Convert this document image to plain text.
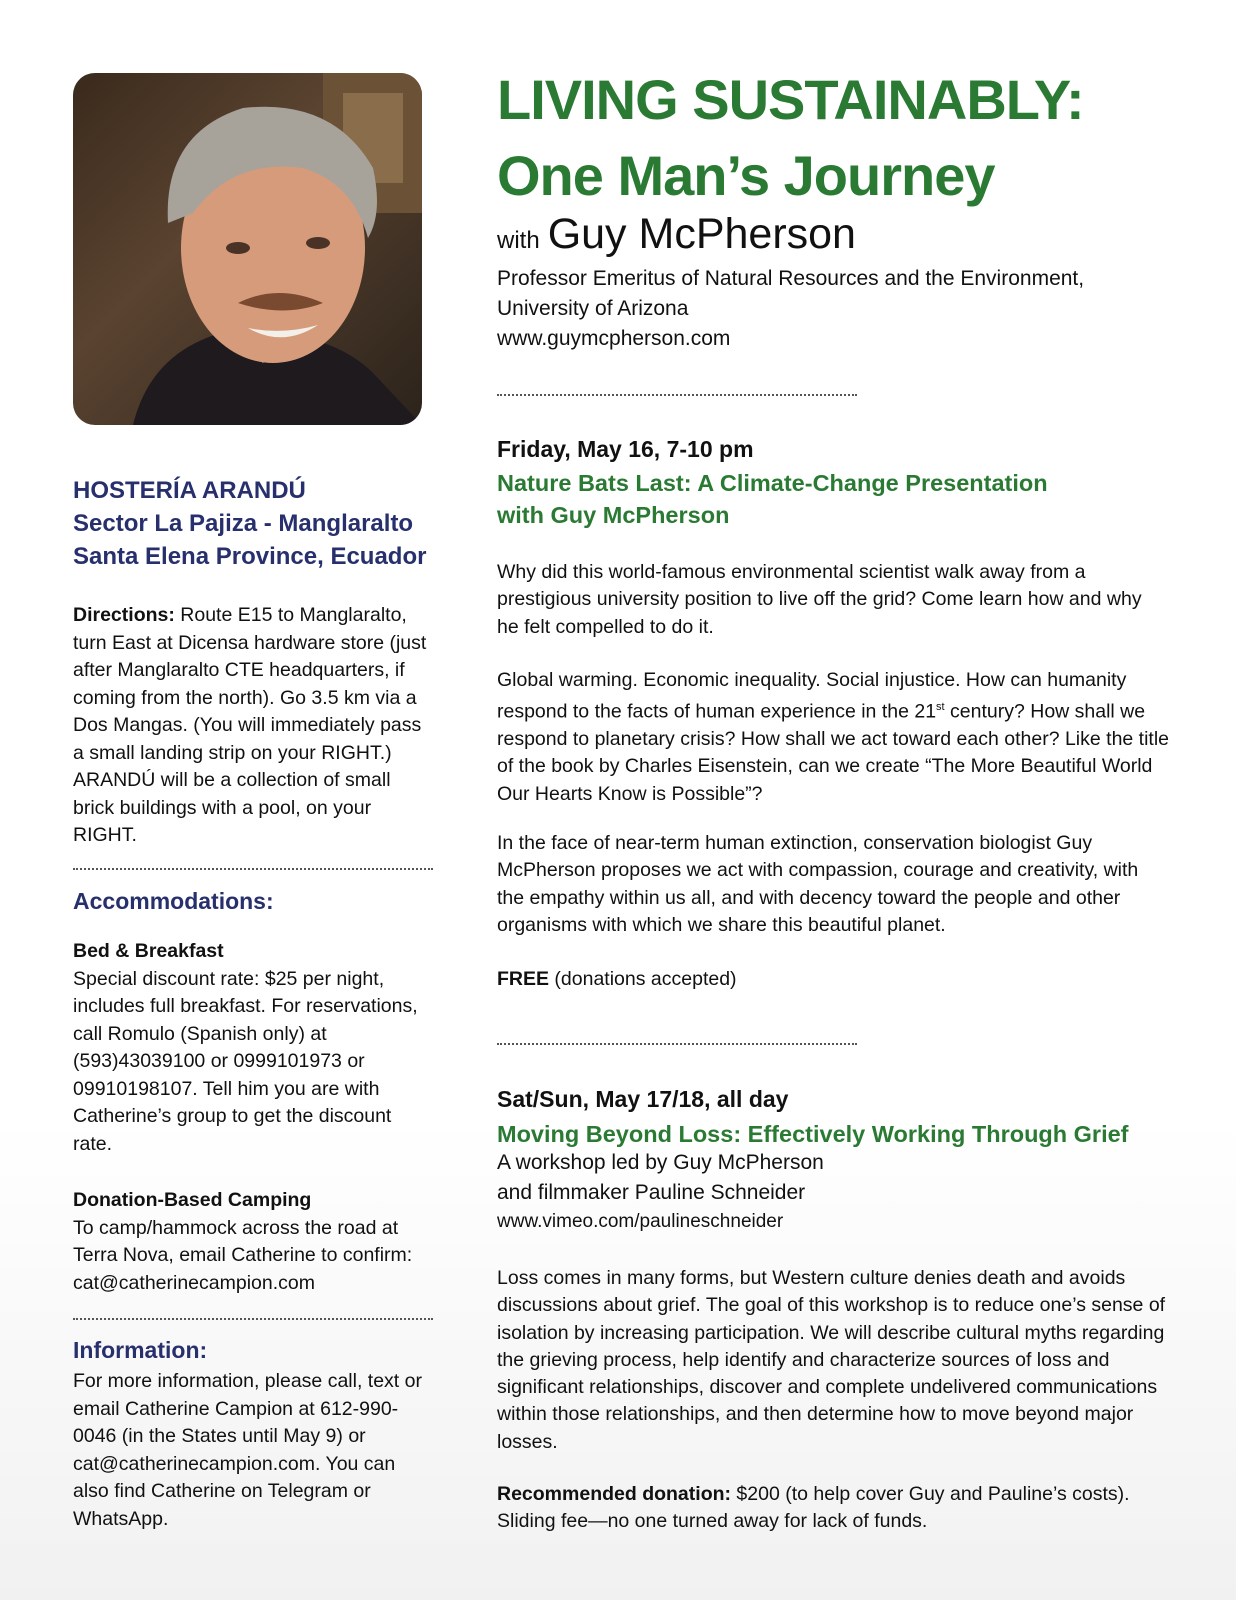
HOSTERÍA ARANDÚ
Sector La Pajiza - Manglaralto
Santa Elena Province, Ecuador
Directions: Route E15 to Manglaralto, turn East at Dicensa hardware store (just after Manglaralto CTE headquarters, if coming from the north). Go 3.5 km via a Dos Mangas. (You will immediately pass a small landing strip on your RIGHT.) ARANDÚ will be a collection of small brick buildings with a pool, on your RIGHT.
Accommodations:
Bed & Breakfast
Special discount rate: $25 per night, includes full breakfast. For reservations, call Romulo (Spanish only) at (593)43039100 or 0999101973 or 09910198107. Tell him you are with Catherine’s group to get the discount rate.
Donation-Based Camping
To camp/hammock across the road at Terra Nova, email Catherine to confirm: cat@catherinecampion.com
Information:
For more information, please call, text or email Catherine Campion at 612-990-0046 (in the States until May 9) or cat@catherinecampion.com. You can also find Catherine on Telegram or WhatsApp.
LIVING SUSTAINABLY:
One Man’s Journey
with Guy McPherson
Professor Emeritus of Natural Resources and the Environment,
University of Arizona
www.guymcpherson.com
Friday, May 16, 7-10 pm
Nature Bats Last: A Climate-Change Presentation
with Guy McPherson
Why did this world-famous environmental scientist walk away from a prestigious university position to live off the grid? Come learn how and why he felt compelled to do it.
Global warming. Economic inequality. Social injustice. How can humanity respond to the facts of human experience in the 21st century? How shall we respond to planetary crisis? How shall we act toward each other? Like the title of the book by Charles Eisenstein, can we create “The More Beautiful World Our Hearts Know is Possible”?
In the face of near-term human extinction, conservation biologist Guy McPherson proposes we act with compassion, courage and creativity, with the empathy within us all, and with decency toward the people and other organisms with which we share this beautiful planet.
FREE (donations accepted)
Sat/Sun, May 17/18, all day
Moving Beyond Loss: Effectively Working Through Grief
A workshop led by Guy McPherson
and filmmaker Pauline Schneider
www.vimeo.com/paulineschneider
Loss comes in many forms, but Western culture denies death and avoids discussions about grief. The goal of this workshop is to reduce one’s sense of isolation by increasing participation. We will describe cultural myths regarding the grieving process, help identify and characterize sources of loss and significant relationships, discover and complete undelivered communications within those relationships, and then determine how to move beyond major losses.
Recommended donation: $200 (to help cover Guy and Pauline’s costs). Sliding fee—no one turned away for lack of funds.
